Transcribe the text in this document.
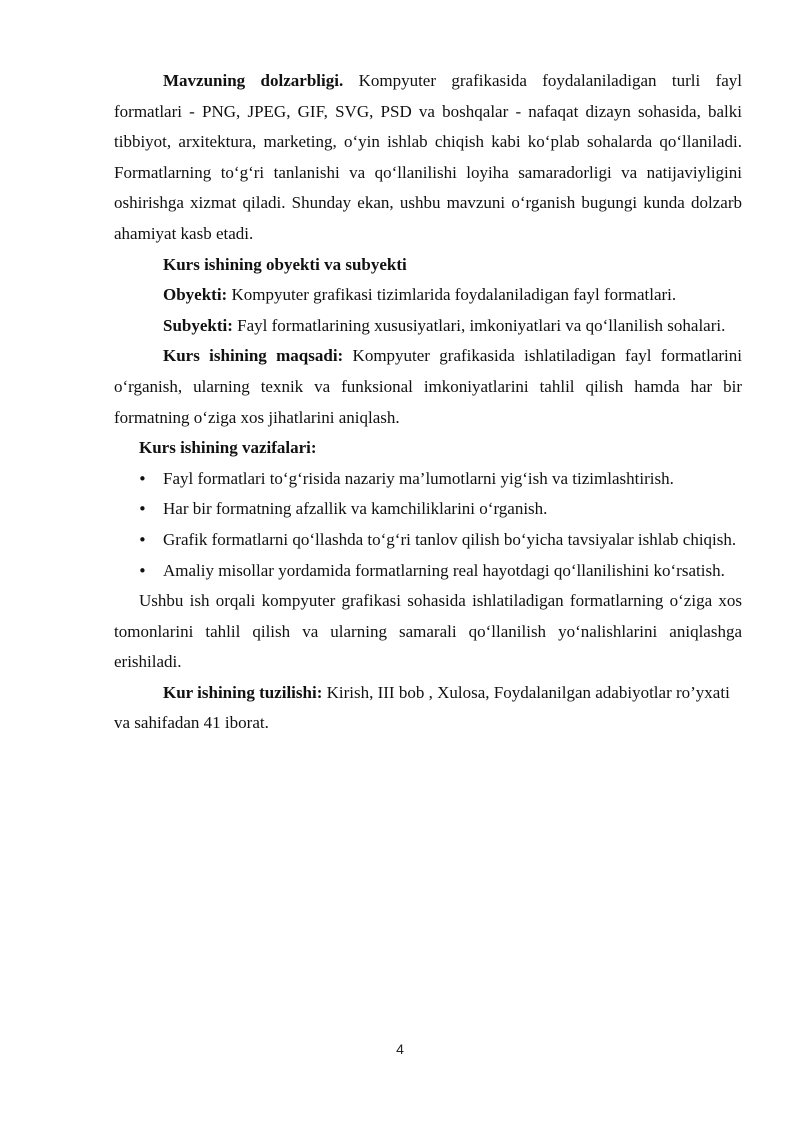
Mavzuning dolzarbligi. Kompyuter grafikasida foydalaniladigan turli fayl formatlari - PNG, JPEG, GIF, SVG, PSD va boshqalar - nafaqat dizayn sohasida, balki tibbiyot, arxitektura, marketing, o‘yin ishlab chiqish kabi ko‘plab sohalarda qo‘llaniladi. Formatlarning to‘g‘ri tanlanishi va qo‘llanilishi loyiha samaradorligi va natijaviyligini oshirishga xizmat qiladi. Shunday ekan, ushbu mavzuni o‘rganish bugungi kunda dolzarb ahamiyat kasb etadi.

Kurs ishining obyekti va subyekti

Obyekti: Kompyuter grafikasi tizimlarida foydalaniladigan fayl formatlari.

Subyekti: Fayl formatlarining xususiyatlari, imkoniyatlari va qo‘llanilish sohalari.

Kurs ishining maqsadi: Kompyuter grafikasida ishlatiladigan fayl formatlarini o‘rganish, ularning texnik va funksional imkoniyatlarini tahlil qilish hamda har bir formatning o‘ziga xos jihatlarini aniqlash.

Kurs ishining vazifalari:

• Fayl formatlari to‘g‘risida nazariy ma’lumotlarni yig‘ish va tizimlashtirish.
• Har bir formatning afzallik va kamchiliklarini o‘rganish.
• Grafik formatlarni qo‘llashda to‘g‘ri tanlov qilish bo‘yicha tavsiyalar ishlab chiqish.
• Amaliy misollar yordamida formatlarning real hayotdagi qo‘llanilishini ko‘rsatish.

Ushbu ish orqali kompyuter grafikasi sohasida ishlatiladigan formatlarning o‘ziga xos tomonlarini tahlil qilish va ularning samarali qo‘llanilish yo‘nalishlarini aniqlashga erishiladi.

Kur ishining tuzilishi: Kirish, III bob , Xulosa, Foydalanilgan adabiyotlar ro’yxati va sahifadan 41 iborat.

4
